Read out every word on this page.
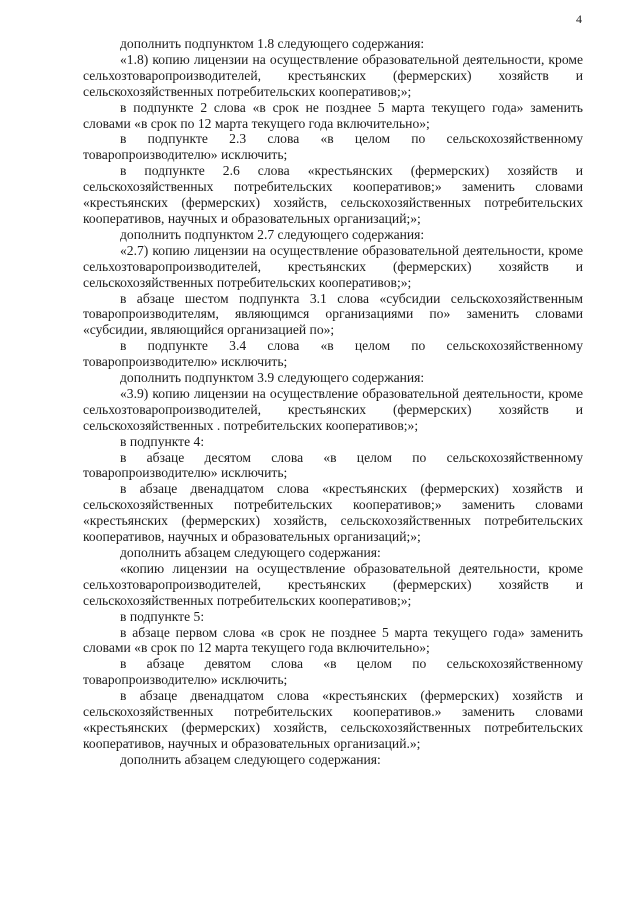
4

дополнить подпунктом 1.8 следующего содержания:

«1.8) копию лицензии на осуществление образовательной деятельности, кроме сельхозтоваропроизводителей, крестьянских (фермерских) хозяйств и сельскохозяйственных потребительских кооперативов;»;

в подпункте 2 слова «в срок не позднее 5 марта текущего года» заменить словами «в срок по 12 марта текущего года включительно»;

в подпункте 2.3 слова «в целом по сельскохозяйственному товаропроизводителю» исключить;

в подпункте 2.6 слова «крестьянских (фермерских) хозяйств и сельскохозяйственных потребительских кооперативов;» заменить словами «крестьянских (фермерских) хозяйств, сельскохозяйственных потребительских кооперативов, научных и образовательных организаций;»;

дополнить подпунктом 2.7 следующего содержания:

«2.7) копию лицензии на осуществление образовательной деятельности, кроме сельхозтоваропроизводителей, крестьянских (фермерских) хозяйств и сельскохозяйственных потребительских кооперативов;»;

в абзаце шестом подпункта 3.1 слова «субсидии сельскохозяйственным товаропроизводителям, являющимся организациями по» заменить словами «субсидии, являющийся организацией по»;

в подпункте 3.4 слова «в целом по сельскохозяйственному товаропроизводителю» исключить;

дополнить подпунктом 3.9 следующего содержания:

«3.9) копию лицензии на осуществление образовательной деятельности, кроме сельхозтоваропроизводителей, крестьянских (фермерских) хозяйств и сельскохозяйственных . потребительских кооперативов;»;

в подпункте 4:

в абзаце десятом слова «в целом по сельскохозяйственному товаропроизводителю» исключить;

в абзаце двенадцатом слова «крестьянских (фермерских) хозяйств и сельскохозяйственных потребительских кооперативов;» заменить словами «крестьянских (фермерских) хозяйств, сельскохозяйственных потребительских кооперативов, научных и образовательных организаций;»;

дополнить абзацем следующего содержания:

«копию лицензии на осуществление образовательной деятельности, кроме сельхозтоваропроизводителей, крестьянских (фермерских) хозяйств и сельскохозяйственных потребительских кооперативов;»;

в подпункте 5:

в абзаце первом слова «в срок не позднее 5 марта текущего года» заменить словами «в срок по 12 марта текущего года включительно»;

в абзаце девятом слова «в целом по сельскохозяйственному товаропроизводителю» исключить;

в абзаце двенадцатом слова «крестьянских (фермерских) хозяйств и сельскохозяйственных потребительских кооперативов.» заменить словами «крестьянских (фермерских) хозяйств, сельскохозяйственных потребительских кооперативов, научных и образовательных организаций.»;

дополнить абзацем следующего содержания:
